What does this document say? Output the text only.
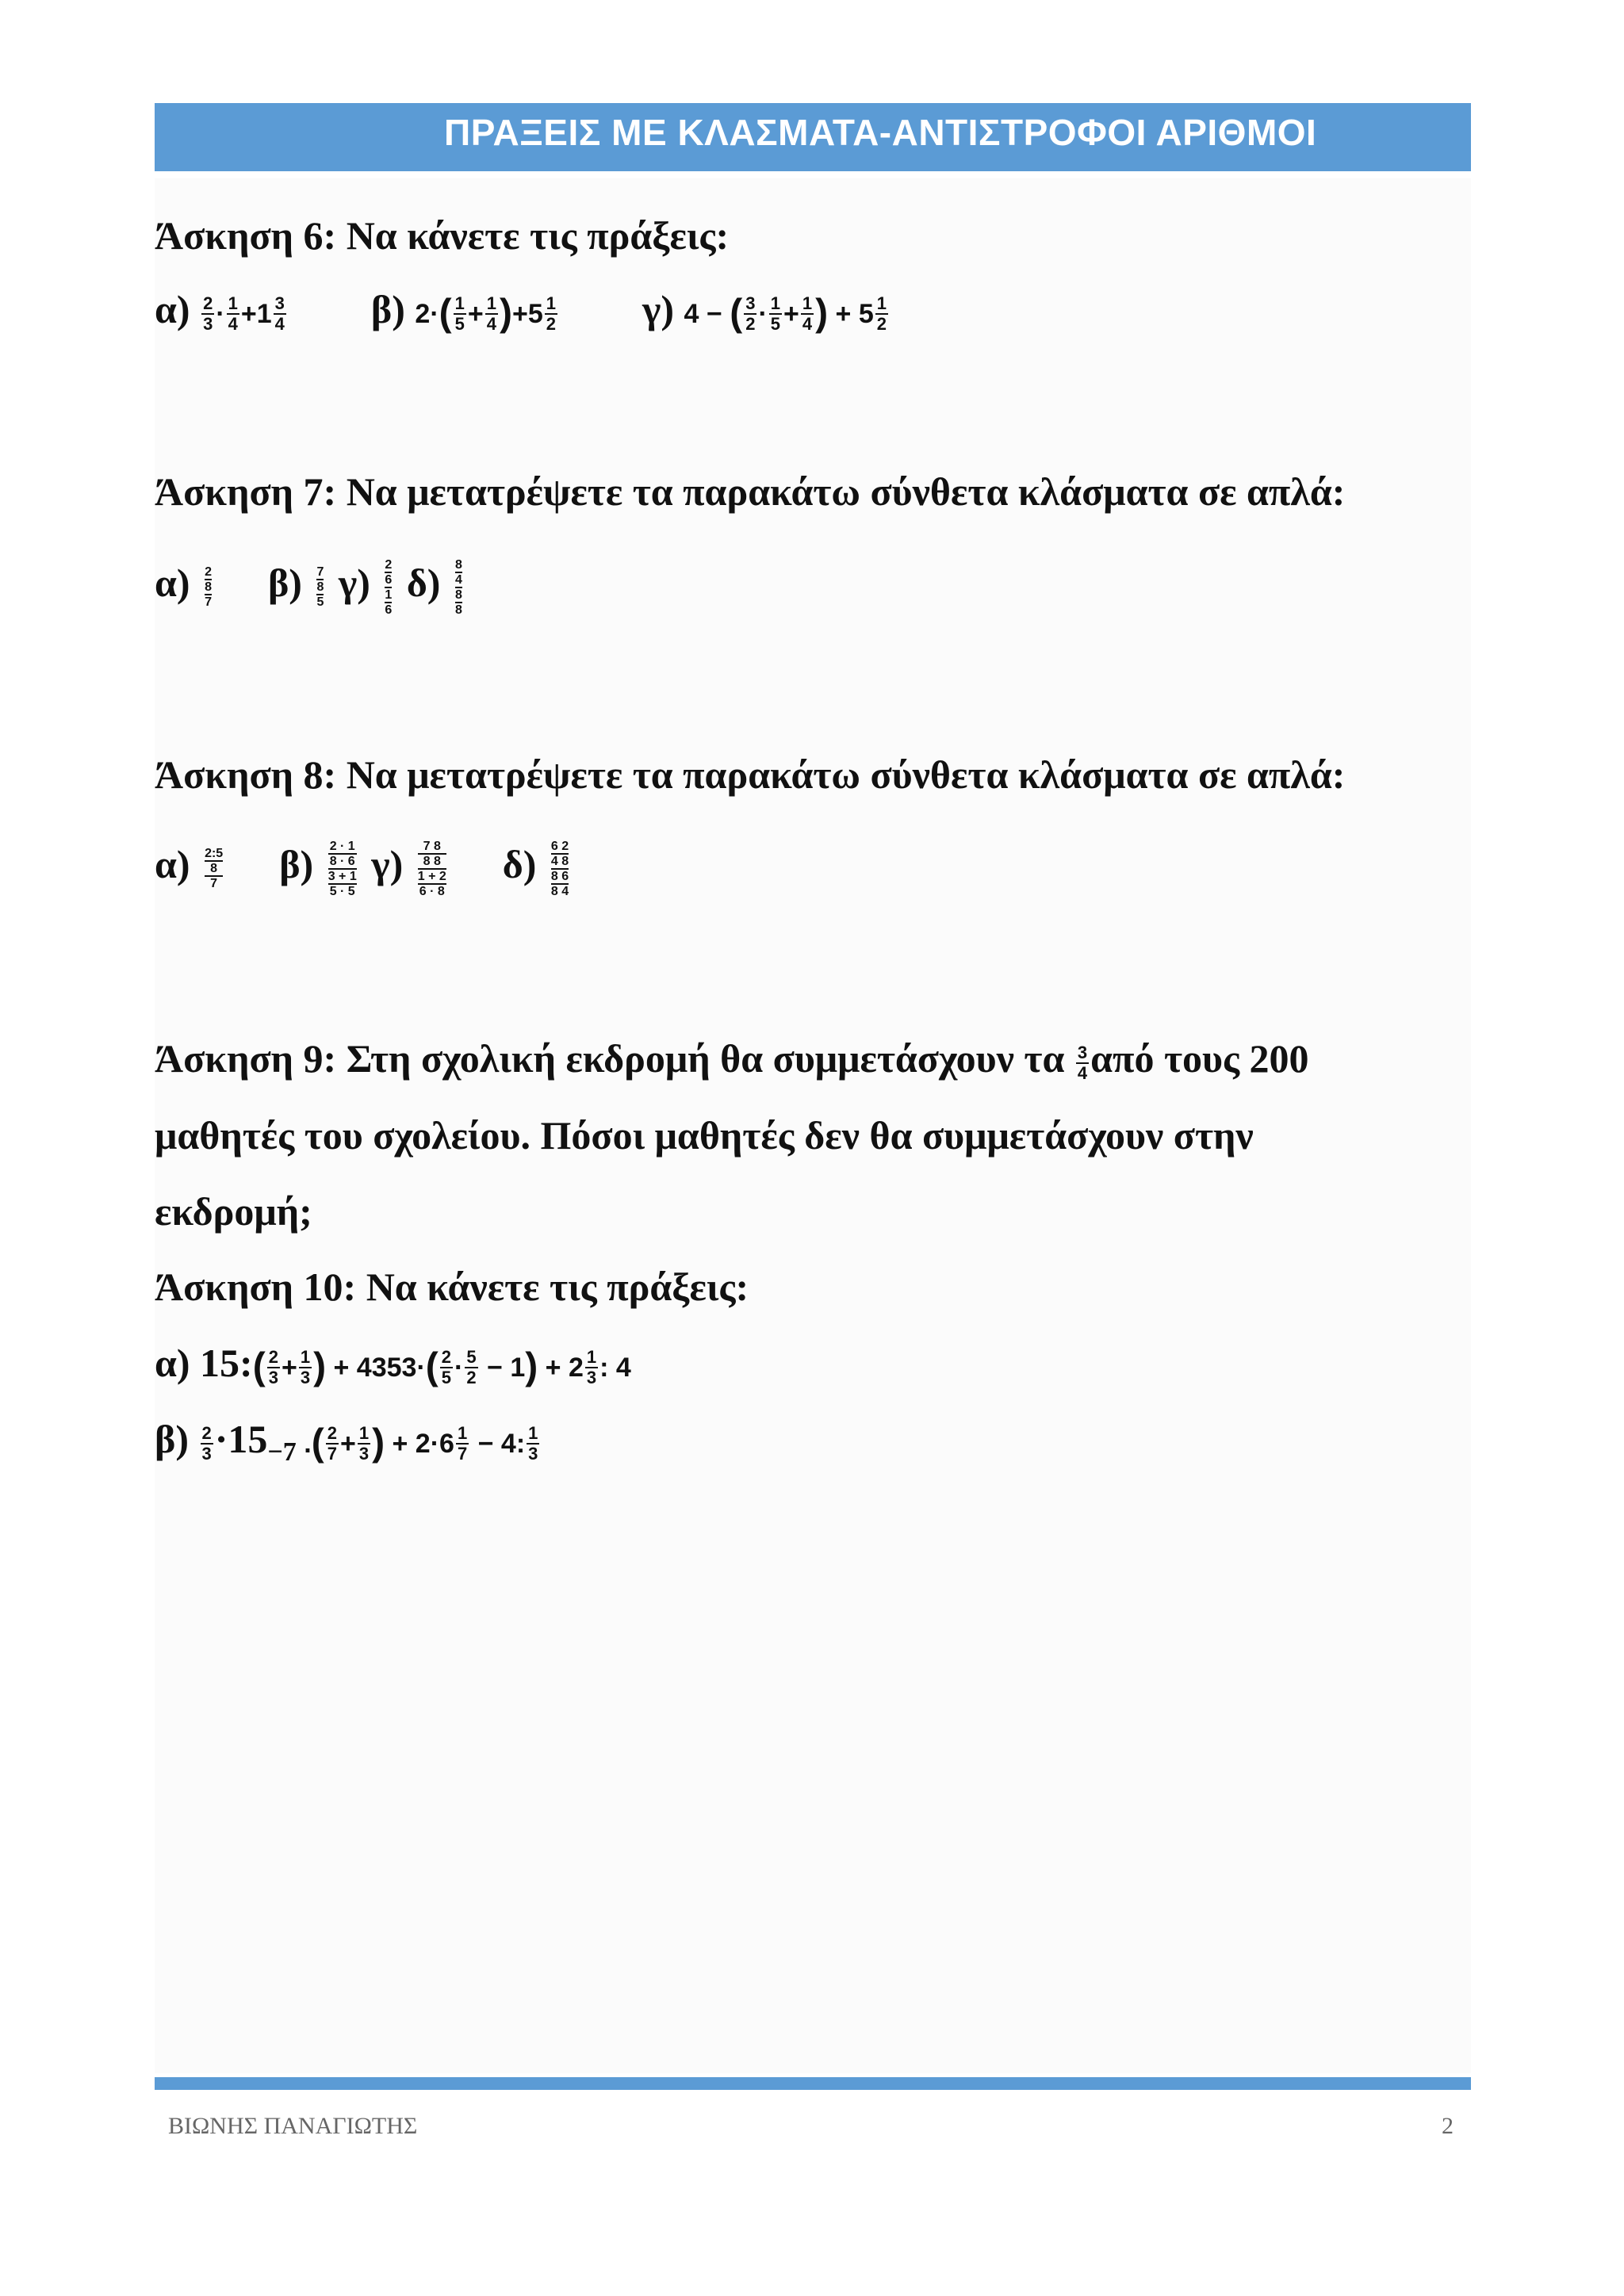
ΠΡΑΞΕΙΣ ΜΕ ΚΛΑΣΜΑΤΑ-ΑΝΤΙΣΤΡΟΦΟΙ ΑΡΙΘΜΟΙ
Άσκηση 6: Να κάνετε τις πράξεις:
$\alpha) \frac{2}{3} \cdot \frac{1}{4} +1 \frac{3}{4} \beta$) $2\cdot( \frac{1}{5} + \frac{1}{4} )+5 \frac{1}{2} \gamma$) 4 − ( $\frac{3}{2} \cdot \frac{1}{5} + \frac{1}{4}$ ) + $5 \frac{1}{2}$
Άσκηση 7: Να μετατρέψετε τα παρακάτω σύνθετα κλάσματα σε απλά:
α) 2
8
7 β) 7
8
5 γ) 2
6
1
6
δ) 8
4
8
8
Άσκηση 8: Να μετατρέψετε τα παρακάτω σύνθετα κλάσματα σε απλά:
α) 2:5
8
7 β) 2 · 1
8 · 6
3 + 1
5 · 5
γ) 7 8
8 8
1 + 2
6 · 8
δ) 6 2
4 8
8 6
8 4
Άσκηση 9: Στη σχολική εκδρομή θα συμμετάσχουν τα $\frac{3}{4}$ από τους 200
μαθητές του σχολείου. Πόσοι μαθητές δεν θα συμμετάσχουν στην
εκδρομή;
Άσκηση 10: Να κάνετε τις πράξεις:
α) 15:( $\frac{2}{3} + \frac{1}{3}$ ) + $4353\cdot( \frac{2}{5} \cdot \frac{5}{2} - 1) + 2 \frac{1}{3}$ : 4
$\beta) \frac{2}{3} \cdot 15_{-7}$ .( $\frac{2}{7} + \frac{1}{3}$ ) + $2\cdot 6 \frac{1}{7} - 4$: $\frac{1}{3}$
ΒΙΩΝΗΣ ΠΑΝΑΓΙΩΤΗΣ	2
